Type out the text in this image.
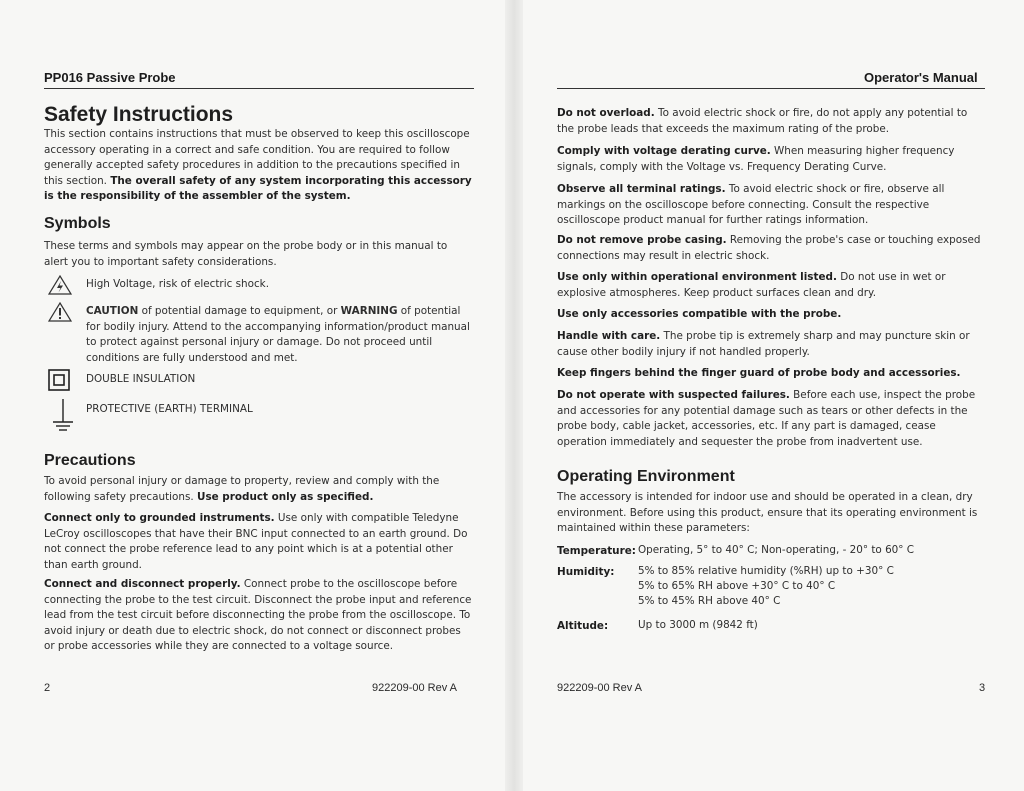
PP016 Passive Probe
Safety Instructions
This section contains instructions that must be observed to keep this oscilloscope accessory operating in a correct and safe condition. You are required to follow generally accepted safety procedures in addition to the precautions specified in this section. The overall safety of any system incorporating this accessory is the responsibility of the assembler of the system.
Symbols
These terms and symbols may appear on the probe body or in this manual to alert you to important safety considerations.
High Voltage, risk of electric shock.
CAUTION of potential damage to equipment, or WARNING of potential for bodily injury. Attend to the accompanying information/product manual to protect against personal injury or damage. Do not proceed until conditions are fully understood and met.
DOUBLE INSULATION
PROTECTIVE (EARTH) TERMINAL
Precautions
To avoid personal injury or damage to property, review and comply with the following safety precautions. Use product only as specified.
Connect only to grounded instruments. Use only with compatible Teledyne LeCroy oscilloscopes that have their BNC input connected to an earth ground. Do not connect the probe reference lead to any point which is at a potential other than earth ground.
Connect and disconnect properly. Connect probe to the oscilloscope before connecting the probe to the test circuit. Disconnect the probe input and reference lead from the test circuit before disconnecting the probe from the oscilloscope. To avoid injury or death due to electric shock, do not connect or disconnect probes or probe accessories while they are connected to a voltage source.
2	922209-00 Rev A
Operator's Manual
Do not overload. To avoid electric shock or fire, do not apply any potential to the probe leads that exceeds the maximum rating of the probe.
Comply with voltage derating curve. When measuring higher frequency signals, comply with the Voltage vs. Frequency Derating Curve.
Observe all terminal ratings. To avoid electric shock or fire, observe all markings on the oscilloscope before connecting. Consult the respective oscilloscope product manual for further ratings information.
Do not remove probe casing. Removing the probe's case or touching exposed connections may result in electric shock.
Use only within operational environment listed. Do not use in wet or explosive atmospheres. Keep product surfaces clean and dry.
Use only accessories compatible with the probe.
Handle with care. The probe tip is extremely sharp and may puncture skin or cause other bodily injury if not handled properly.
Keep fingers behind the finger guard of probe body and accessories.
Do not operate with suspected failures. Before each use, inspect the probe and accessories for any potential damage such as tears or other defects in the probe body, cable jacket, accessories, etc. If any part is damaged, cease operation immediately and sequester the probe from inadvertent use.
Operating Environment
The accessory is intended for indoor use and should be operated in a clean, dry environment. Before using this product, ensure that its operating environment is maintained within these parameters:
Temperature: Operating, 5° to 40° C; Non-operating, - 20° to 60° C
Humidity: 5% to 85% relative humidity (%RH) up to +30° C
5% to 65% RH above +30° C to 40° C
5% to 45% RH above 40° C
Altitude:	Up to 3000 m (9842 ft)
922209-00 Rev A	3
